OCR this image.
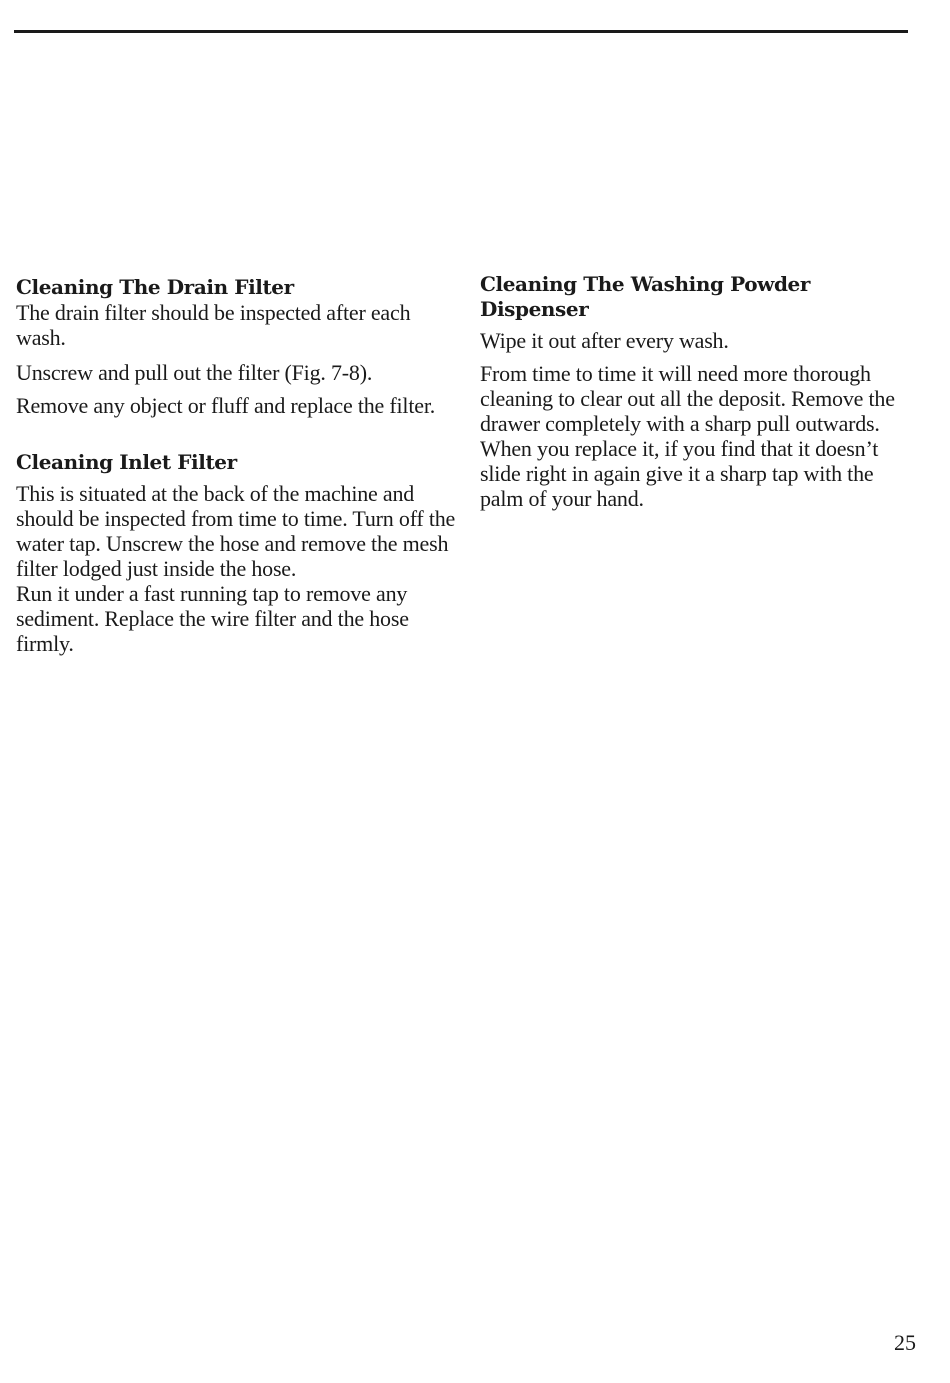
Cleaning The Drain Filter

The drain filter should be inspected after each wash.

Unscrew and pull out the filter (Fig. 7-8).

Remove any object or fluff and replace the filter.

Cleaning Inlet Filter

This is situated at the back of the machine and should be inspected from time to time. Turn off the water tap. Unscrew the hose and remove the mesh filter lodged just inside the hose.

Run it under a fast running tap to remove any sediment. Replace the wire filter and the hose firmly.

Cleaning The Washing Powder Dispenser

Wipe it out after every wash.

From time to time it will need more thorough cleaning to clear out all the deposit. Remove the drawer completely with a sharp pull outwards. When you replace it, if you find that it doesn’t slide right in again give it a sharp tap with the palm of your hand.

25
